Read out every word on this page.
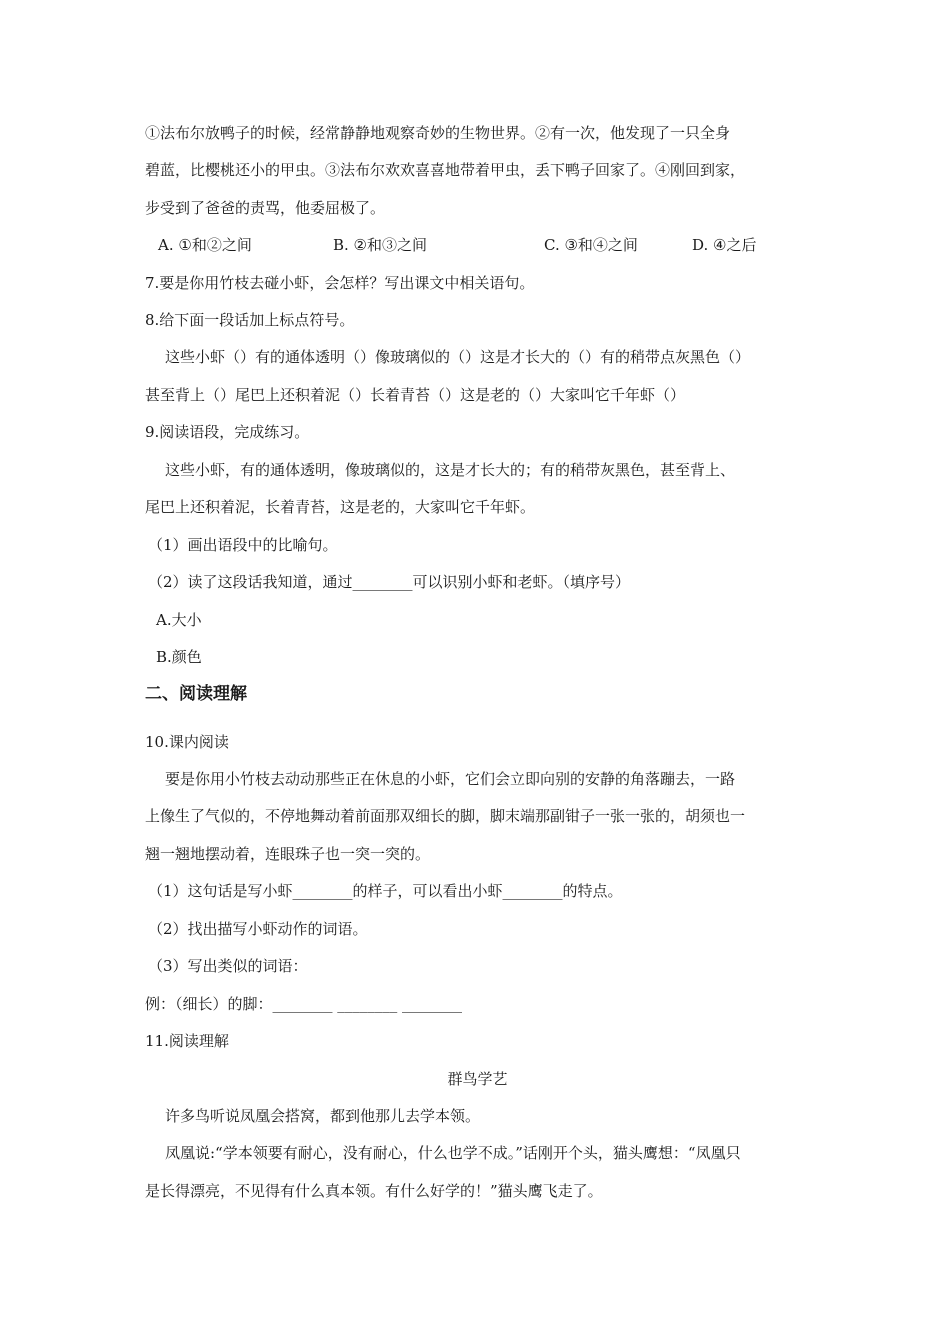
①法布尔放鸭子的时候，经常静静地观察奇妙的生物世界。②有一次，他发现了一只全身
碧蓝，比樱桃还小的甲虫。③法布尔欢欢喜喜地带着甲虫，丢下鸭子回家了。④刚回到家，
步受到了爸爸的责骂，他委屈极了。
A. ①和②之间	B. ②和③之间	C. ③和④之间	D. ④之后
7.要是你用竹枝去碰小虾，会怎样？写出课文中相关语句。
8.给下面一段话加上标点符号。
这些小虾（）有的通体透明（）像玻璃似的（）这是才长大的（）有的稍带点灰黑色（）
甚至背上（）尾巴上还积着泥（）长着青苔（）这是老的（）大家叫它千年虾（）
9.阅读语段，完成练习。
这些小虾，有的通体透明，像玻璃似的，这是才长大的；有的稍带灰黑色，甚至背上、
尾巴上还积着泥，长着青苔，这是老的，大家叫它千年虾。
（1）画出语段中的比喻句。
（2）读了这段话我知道，通过________可以识别小虾和老虾。（填序号）
A.大小
B.颜色
二、阅读理解
10.课内阅读
要是你用小竹枝去动动那些正在休息的小虾，它们会立即向别的安静的角落蹦去，一路
上像生了气似的，不停地舞动着前面那双细长的脚，脚末端那副钳子一张一张的，胡须也一
翘一翘地摆动着，连眼珠子也一突一突的。
（1）这句话是写小虾________的样子，可以看出小虾________的特点。
（2）找出描写小虾动作的词语。
（3）写出类似的词语：
例：（细长）的脚：________ ________ ________
11.阅读理解
群鸟学艺
许多鸟听说凤凰会搭窝，都到他那儿去学本领。
凤凰说:“学本领要有耐心，没有耐心，什么也学不成。”话刚开个头，猫头鹰想：“凤凰只
是长得漂亮，不见得有什么真本领。有什么好学的！”猫头鹰飞走了。
